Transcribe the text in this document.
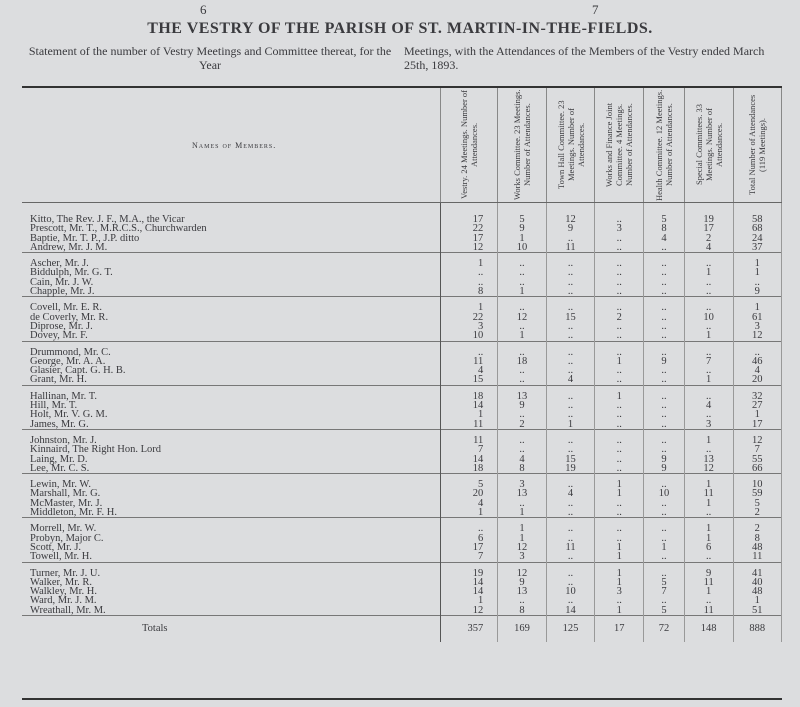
6	7
THE VESTRY OF THE PARISH OF ST. MARTIN-IN-THE-FIELDS.
Statement of the number of Vestry Meetings and Committee thereat, for the Year
Meetings, with the Attendances of the Members of the Vestry ended March 25th, 1893.
Names of Members.	Vestry. 24 Meetings. Number of Attendances.	Works Committee. 23 Meetings. Number of Attendances.	Town Hall Committee. 23 Meetings. Number of Attendances.	Works and Finance Joint Committee. 4 Meetings. Number of Attendances.	Health Committee. 12 Meetings. Number of Attendances.	Special Committees. 33 Meetings. Number of Attendances.	Total Number of Attendances (119 Meetings).

Kitto, The Rev. J. F., M.A., the Vicar	17	5	12	..	5	19	58
Prescott, Mr. T., M.R.C.S., Churchwarden	22	9	9	3	8	17	68
Baptie, Mr. T. P., J.P. ditto	17	1	..	..	4	2	24
Andrew, Mr. J. M.	12	10	11	..	..	4	37
Ascher, Mr. J.	1	..	..	..	..	..	1
Biddulph, Mr. G. T.	..	..	..	..	..	1	1
Cain, Mr. J. W.	..	..	..	..	..	..	..
Chapple, Mr. J.	8	1	..	..	..	..	9
Covell, Mr. E. R.	1	..	..	..	..	..	1
de Coverly, Mr. R.	22	12	15	2	..	10	61
Diprose, Mr. J.	3	..	..	..	..	..	3
Dovey, Mr. F.	10	1	..	..	..	1	12
Drummond, Mr. C.	..	..	..	..	..	..	..
George, Mr. A. A.	11	18	..	1	9	7	46
Glasier, Capt. G. H. B.	4	..	..	..	..	..	4
Grant, Mr. H.	15	..	4	..	..	1	20
Hallinan, Mr. T.	18	13	..	1	..	..	32
Hill, Mr. T.	14	9	..	..	..	4	27
Holt, Mr. V. G. M.	1	..	..	..	..	..	1
James, Mr. G.	11	2	1	..	..	3	17
Johnston, Mr. J.	11	..	..	..	..	1	12
Kinnaird, The Right Hon. Lord	7	..	..	..	..	..	7
Laing, Mr. D.	14	4	15	..	9	13	55
Lee, Mr. C. S.	18	8	19	..	9	12	66
Lewin, Mr. W.	5	3	..	1	..	1	10
Marshall, Mr. G.	20	13	4	1	10	11	59
McMaster, Mr. J.	4	..	..	..	..	1	5
Middleton, Mr. F. H.	1	1	..	..	..	..	2
Morrell, Mr. W.	..	1	..	..	..	1	2
Probyn, Major C.	6	1	..	..	..	1	8
Scott, Mr. J.	17	12	11	1	1	6	48
Towell, Mr. H.	7	3	..	1	..	..	11
Turner, Mr. J. U.	19	12	..	1	..	9	41
Walker, Mr. R.	14	9	..	1	5	11	40
Walkley, Mr. H.	14	13	10	3	7	1	48
Ward, Mr. J. M.	1	..	..	..	..	..	1
Wreathall, Mr. M.	12	8	14	1	5	11	51
Totals	357	169	125	17	72	148	888
